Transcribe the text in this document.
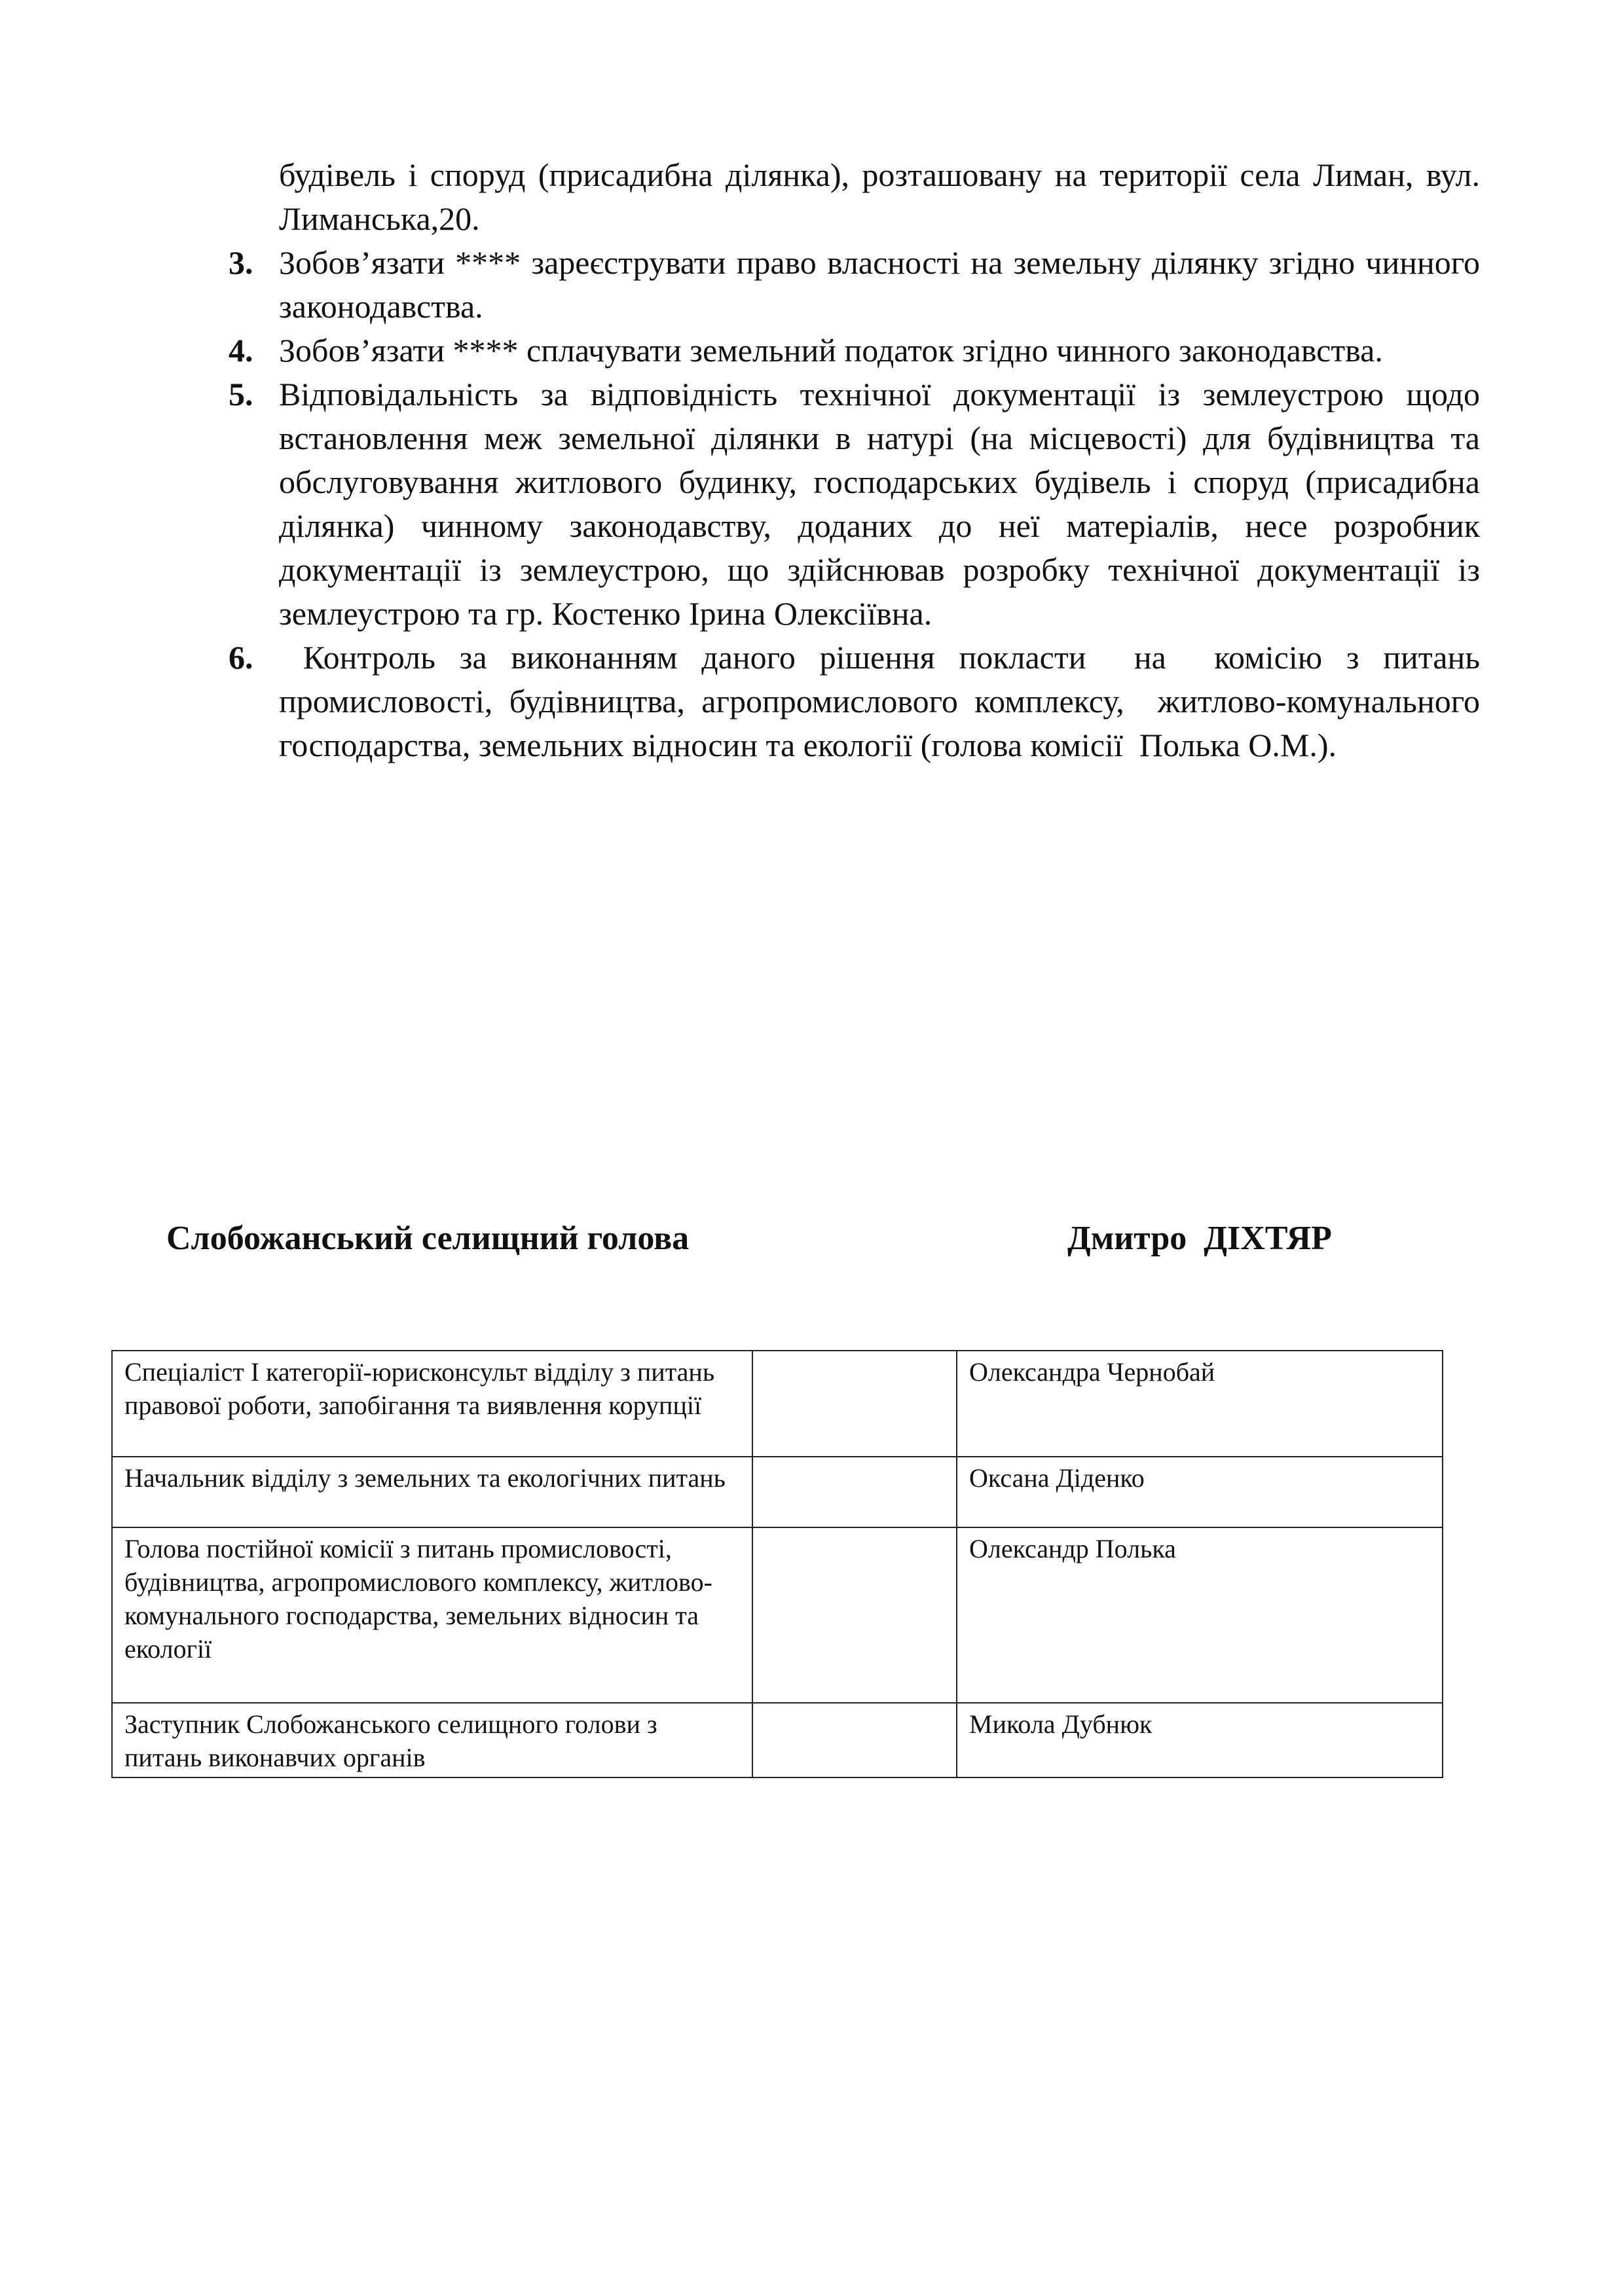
будівель і споруд (присадибна ділянка), розташовану на території села Лиман, вул. Лиманська,20.

3. Зобов’язати **** зареєструвати право власності на земельну ділянку згідно чинного законодавства.
4. Зобов’язати **** сплачувати земельний податок згідно чинного законодавства.
5. Відповідальність за відповідність технічної документації із землеустрою щодо встановлення меж земельної ділянки в натурі (на місцевості) для будівництва та обслуговування житлового будинку, господарських будівель і споруд (присадибна ділянка) чинному законодавству, доданих до неї матеріалів, несе розробник документації із землеустрою, що здійснював розробку технічної документації із землеустрою та гр. Костенко Ірина Олексіївна.
6. Контроль за виконанням даного рішення покласти  на  комісію з питань промисловості, будівництва, агропромислового комплексу,  житлово-комунального  господарства, земельних відносин та екології (голова комісії  Полька О.М.).
Слобожанський селищний голова	Дмитро  ДІХТЯР
Спеціаліст І категорії-юрисконсульт відділу з питань правової роботи, запобігання та виявлення корупції		Олександра Чернобай
Начальник відділу з земельних та екологічних питань		Оксана Діденко
Голова постійної комісії з питань промисловості, будівництва, агропромислового комплексу, житлово-комунального господарства, земельних відносин та екології		Олександр Полька
Заступник Слобожанського селищного голови з питань виконавчих органів		Микола Дубнюк
